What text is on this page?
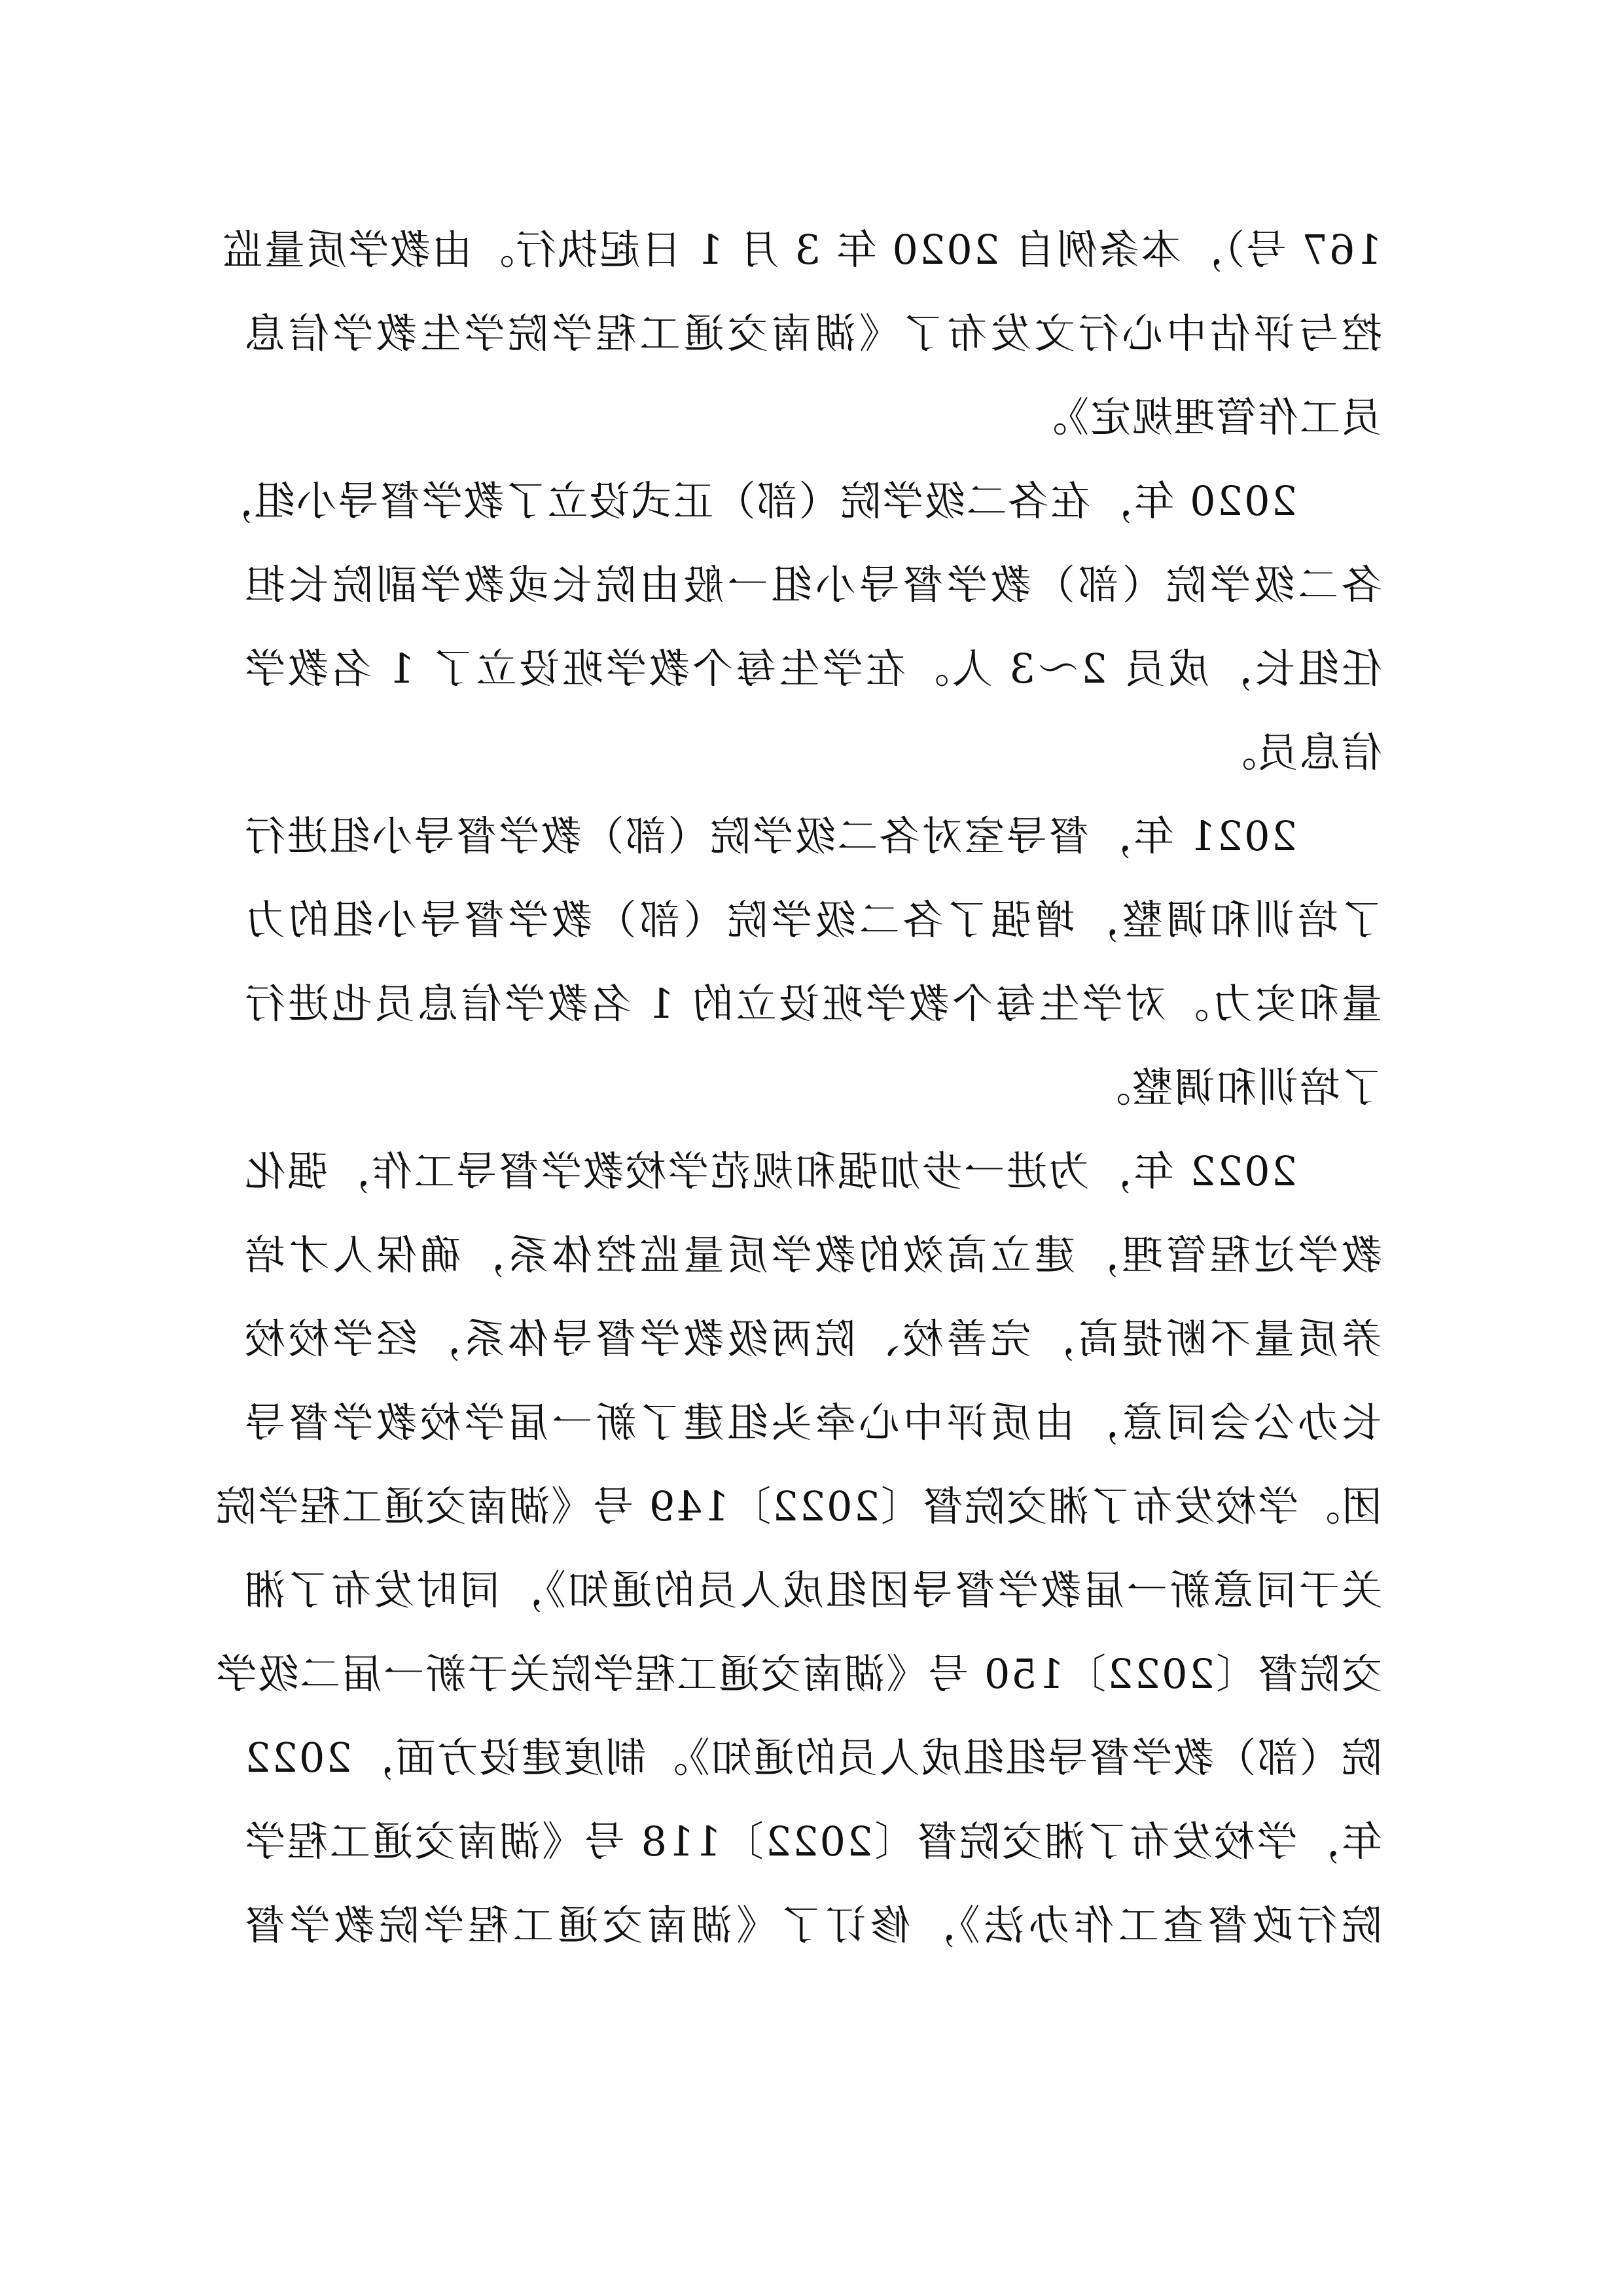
167 号），本条例自 2020 年 3 月 1 日起执行。由教学质量监
控与评估中心行文发布了《湖南交通工程学院学生教学信息
员工作管理规定》。
2020 年，在各二级学院（部）正式设立了教学督导小组，
各二级学院（部）教学督导小组一般由院长或教学副院长担
任组长，成员 2～3 人。在学生每个教学班设立了 1 名教学
信息员。
2021 年，督导室对各二级学院（部）教学督导小组进行
了培训和调整，增强了各二级学院（部）教学督导小组的力
量和实力。对学生每个教学班设立的 1 名教学信息员也进行
了培训和调整。
2022 年，为进一步加强和规范学校教学督导工作，强化
教学过程管理，建立高效的教学质量监控体系，确保人才培
养质量不断提高，完善校、院两级教学督导体系，经学校校
长办公会同意，由质评中心牵头组建了新一届学校教学督导
团。学校发布了湘交院督〔2022〕149 号《湖南交通工程学院
关于同意新一届教学督导团组成人员的通知》，同时发布了湘
交院督〔2022〕150 号《湖南交通工程学院关于新一届二级学
院（部）教学督导组组成人员的通知》。制度建设方面，2022
年，学校发布了湘交院督〔2022〕118 号《湖南交通工程学
院行政督查工作办法》，修订了《湖南交通工程学院教学督
